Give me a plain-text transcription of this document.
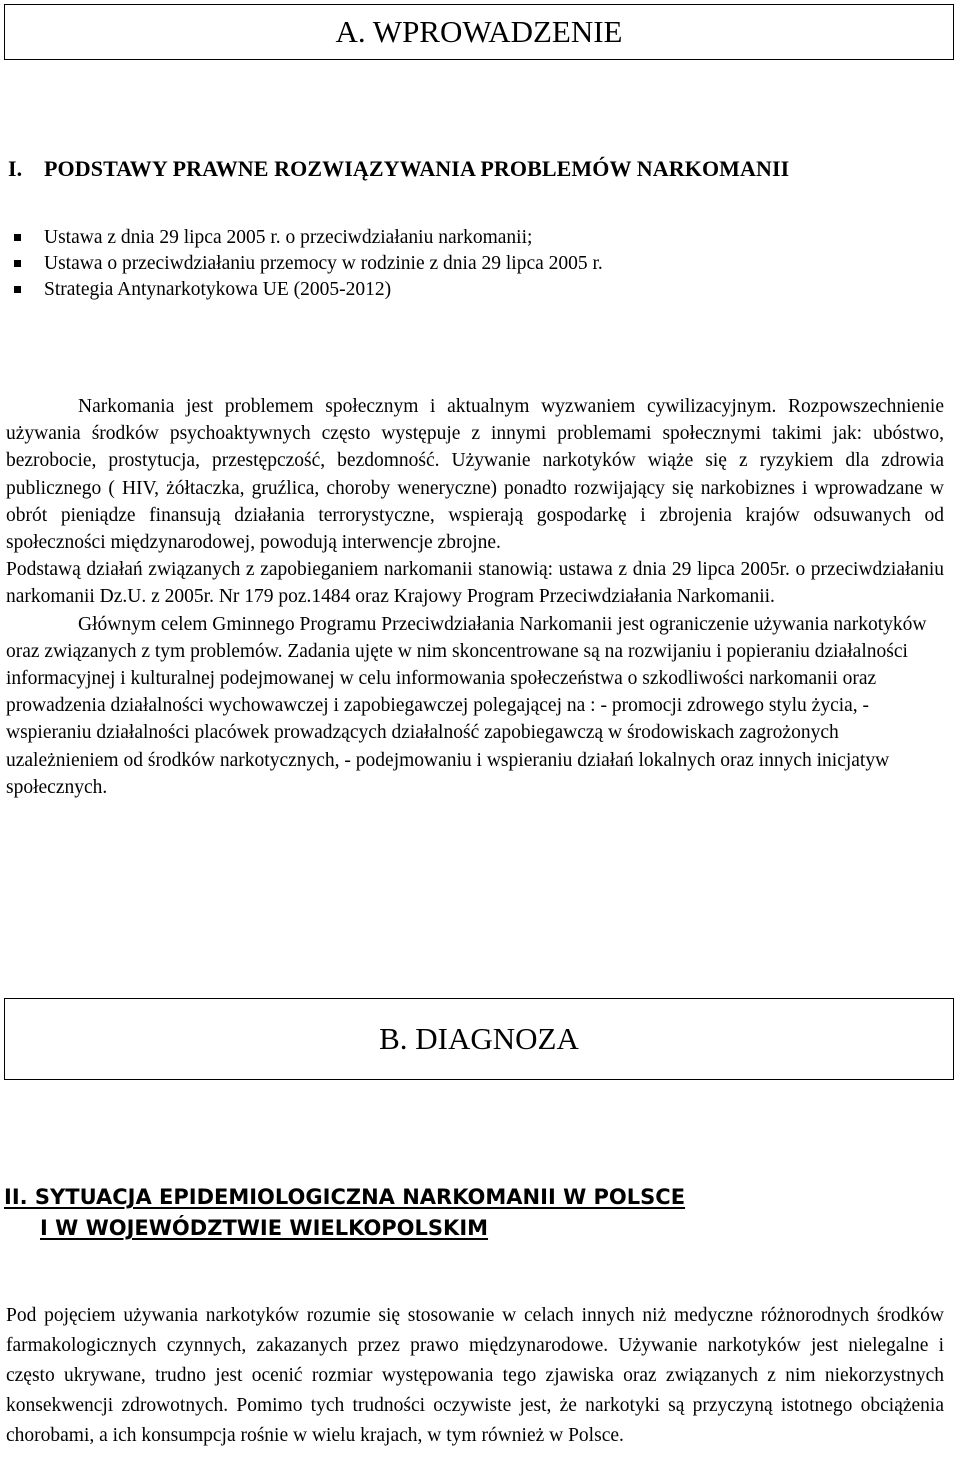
A. WPROWADZENIE
I. PODSTAWY PRAWNE ROZWIĄZYWANIA PROBLEMÓW NARKOMANII
Ustawa z dnia 29 lipca 2005 r. o przeciwdziałaniu narkomanii;
Ustawa o przeciwdziałaniu przemocy w rodzinie z dnia 29 lipca 2005 r.
Strategia Antynarkotykowa UE (2005-2012)

Narkomania jest problemem społecznym i aktualnym wyzwaniem cywilizacyjnym. Rozpowszechnienie używania środków psychoaktywnych często występuje z innymi problemami społecznymi takimi jak: ubóstwo, bezrobocie, prostytucja, przestępczość, bezdomność. Używanie narkotyków wiąże się z ryzykiem dla zdrowia publicznego ( HIV, żółtaczka, gruźlica, choroby weneryczne) ponadto rozwijający się narkobiznes i wprowadzane w obrót pieniądze finansują działania terrorystyczne, wspierają gospodarkę i zbrojenia krajów odsuwanych od społeczności międzynarodowej, powodują interwencje zbrojne.

Podstawą działań związanych z zapobieganiem narkomanii stanowią: ustawa z dnia 29 lipca 2005r. o przeciwdziałaniu narkomanii Dz.U. z 2005r. Nr 179 poz.1484 oraz Krajowy Program Przeciwdziałania Narkomanii.

Głównym celem Gminnego Programu Przeciwdziałania Narkomanii jest ograniczenie używania narkotyków oraz związanych z tym problemów. Zadania ujęte w nim skoncentrowane są na rozwijaniu i popieraniu działalności informacyjnej i kulturalnej podejmowanej w celu informowania społeczeństwa o szkodliwości narkomanii oraz prowadzenia działalności wychowawczej i zapobiegawczej polegającej na : - promocji zdrowego stylu życia, - wspieraniu działalności placówek prowadzących działalność zapobiegawczą w środowiskach zagrożonych uzależnieniem od środków narkotycznych, - podejmowaniu i wspieraniu działań lokalnych oraz innych inicjatyw społecznych.

B. DIAGNOZA
II. SYTUACJA EPIDEMIOLOGICZNA NARKOMANII W POLSCE
I W WOJEWÓDZTWIE WIELKOPOLSKIM

Pod pojęciem używania narkotyków rozumie się stosowanie w celach innych niż medyczne różnorodnych środków farmakologicznych czynnych, zakazanych przez prawo międzynarodowe. Używanie narkotyków jest nielegalne i często ukrywane, trudno jest ocenić rozmiar występowania tego zjawiska oraz związanych z nim niekorzystnych konsekwencji zdrowotnych. Pomimo tych trudności oczywiste jest, że narkotyki są przyczyną istotnego obciążenia chorobami, a ich konsumpcja rośnie w wielu krajach, w tym również w Polsce.
